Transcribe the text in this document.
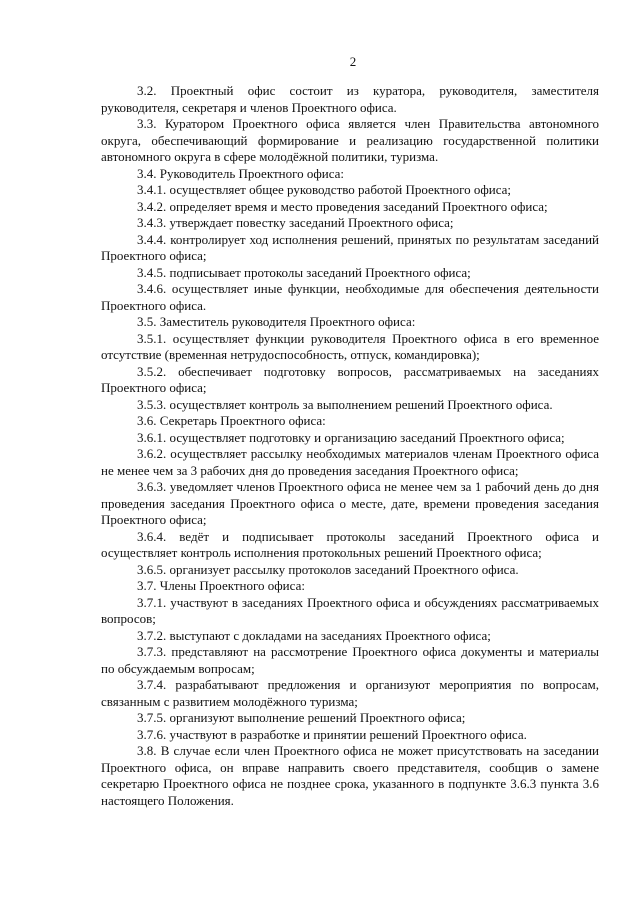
2

3.2. Проектный офис состоит из куратора, руководителя, заместителя руководителя, секретаря и членов Проектного офиса.

3.3. Куратором Проектного офиса является член Правительства автономного округа, обеспечивающий формирование и реализацию государственной политики автономного округа в сфере молодёжной политики, туризма.

3.4. Руководитель Проектного офиса:

3.4.1. осуществляет общее руководство работой Проектного офиса;

3.4.2. определяет время и место проведения заседаний Проектного офиса;

3.4.3. утверждает повестку заседаний Проектного офиса;

3.4.4. контролирует ход исполнения решений, принятых по результатам заседаний Проектного офиса;

3.4.5. подписывает протоколы заседаний Проектного офиса;

3.4.6. осуществляет иные функции, необходимые для обеспечения деятельности Проектного офиса.

3.5. Заместитель руководителя Проектного офиса:

3.5.1. осуществляет функции руководителя Проектного офиса в его временное отсутствие (временная нетрудоспособность, отпуск, командировка);

3.5.2. обеспечивает подготовку вопросов, рассматриваемых на заседаниях Проектного офиса;

3.5.3. осуществляет контроль за выполнением решений Проектного офиса.

3.6. Секретарь Проектного офиса:

3.6.1. осуществляет подготовку и организацию заседаний Проектного офиса;

3.6.2. осуществляет рассылку необходимых материалов членам Проектного офиса не менее чем за 3 рабочих дня до проведения заседания Проектного офиса;

3.6.3. уведомляет членов Проектного офиса не менее чем за 1 рабочий день до дня проведения заседания Проектного офиса о месте, дате, времени проведения заседания Проектного офиса;

3.6.4. ведёт и подписывает протоколы заседаний Проектного офиса и осуществляет контроль исполнения протокольных решений Проектного офиса;

3.6.5. организует рассылку протоколов заседаний Проектного офиса.

3.7. Члены Проектного офиса:

3.7.1. участвуют в заседаниях Проектного офиса и обсуждениях рассматриваемых вопросов;

3.7.2. выступают с докладами на заседаниях Проектного офиса;

3.7.3. представляют на рассмотрение Проектного офиса документы и материалы по обсуждаемым вопросам;

3.7.4. разрабатывают предложения и организуют мероприятия по вопросам, связанным с развитием молодёжного туризма;

3.7.5. организуют выполнение решений Проектного офиса;

3.7.6. участвуют в разработке и принятии решений Проектного офиса.

3.8. В случае если член Проектного офиса не может присутствовать на заседании Проектного офиса, он вправе направить своего представителя, сообщив о замене секретарю Проектного офиса не позднее срока, указанного в подпункте 3.6.3 пункта 3.6 настоящего Положения.
